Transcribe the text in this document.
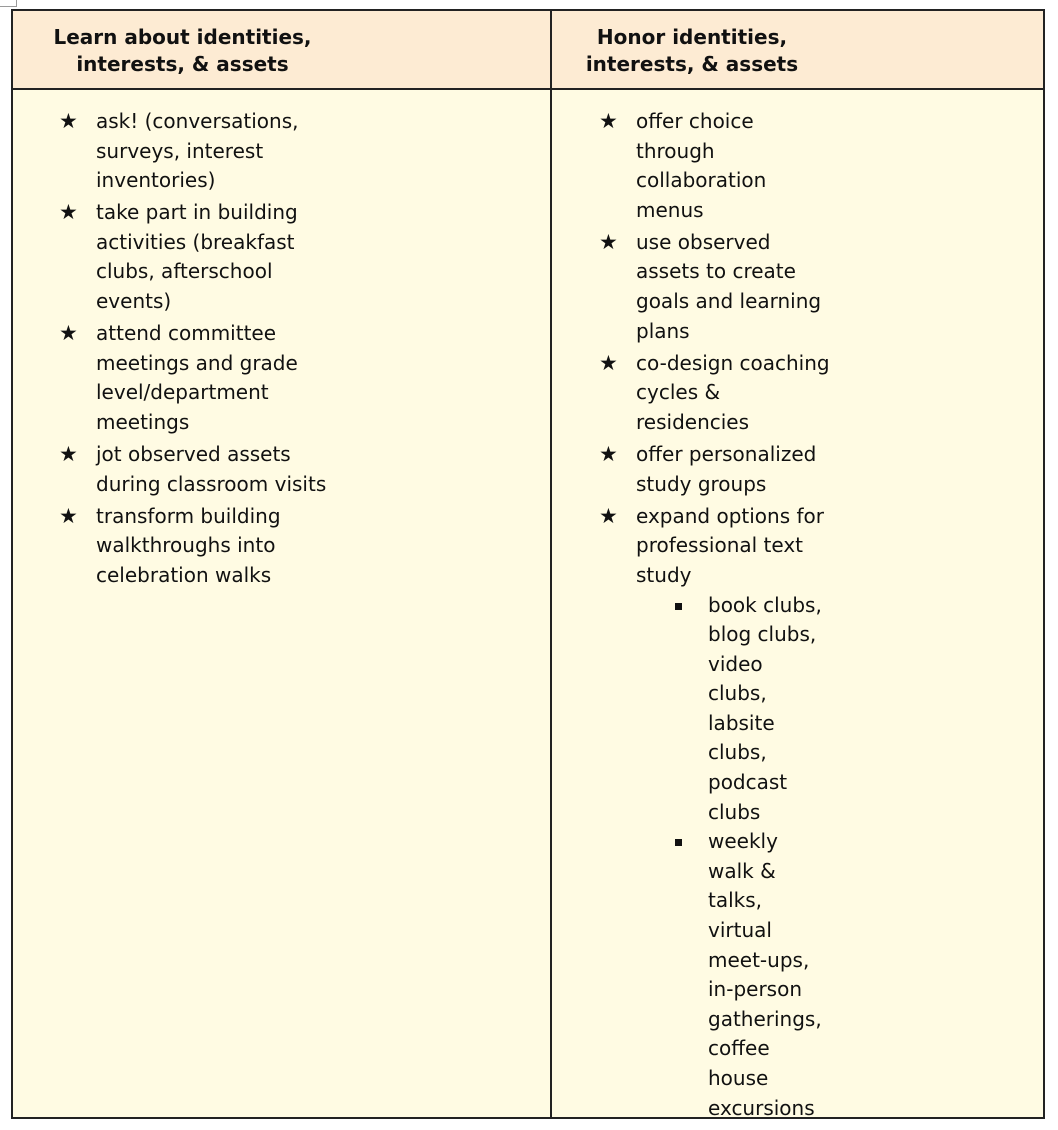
Learn about identities,
interests, & assets
Honor identities,
interests, & assets
★ ask! (conversations,
surveys, interest
inventories)
★ take part in building
activities (breakfast
clubs, afterschool
events)
★ attend committee
meetings and grade
level/department
meetings
★ jot observed assets
during classroom visits
★ transform building
walkthroughs into
celebration walks
★ offer choice
through
collaboration
menus
★ use observed
assets to create
goals and learning
plans
★ co-design coaching
cycles &
residencies
★ offer personalized
study groups
★ expand options for
professional text
study
book clubs,
blog clubs,
video
clubs,
labsite
clubs,
podcast
clubs
weekly
walk &
talks,
virtual
meet-ups,
in-person
gatherings,
coffee
house
excursions
